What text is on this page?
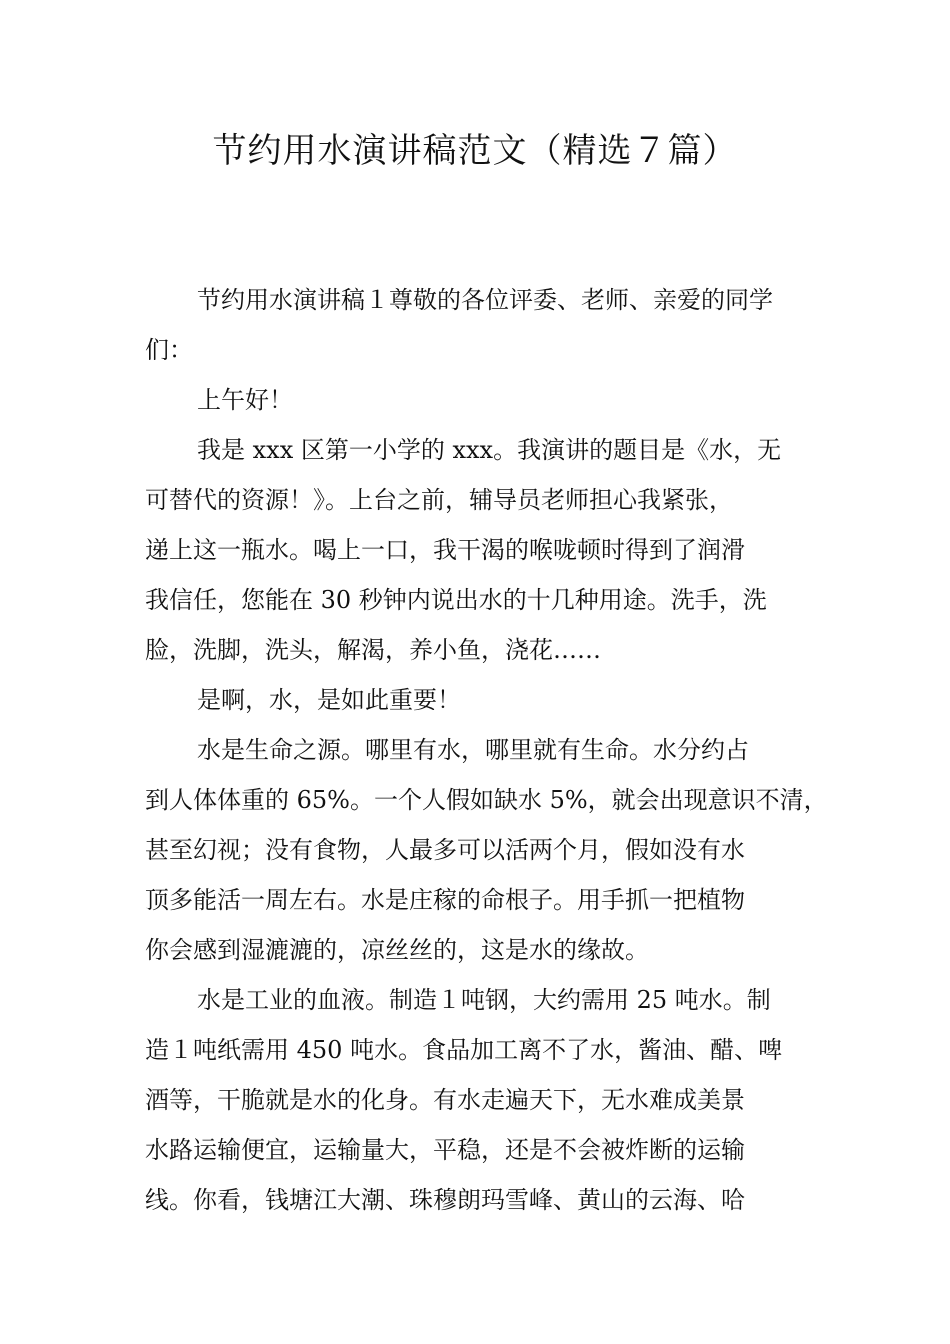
节约用水演讲稿范文（精选７篇）
节约用水演讲稿１尊敬的各位评委、老师、亲爱的同学
们：
上午好！
我是 xxx 区第一小学的 xxx。我演讲的题目是《水，无
可替代的资源！》。上台之前，辅导员老师担心我紧张，
递上这一瓶水。喝上一口，我干渴的喉咙顿时得到了润滑
我信任，您能在 30 秒钟内说出水的十几种用途。洗手，洗
脸，洗脚，洗头，解渴，养小鱼，浇花……
是啊，水，是如此重要！
水是生命之源。哪里有水，哪里就有生命。水分约占
到人体体重的 65%。一个人假如缺水 5%，就会出现意识不清，
甚至幻视；没有食物，人最多可以活两个月，假如没有水
顶多能活一周左右。水是庄稼的命根子。用手抓一把植物
你会感到湿漉漉的，凉丝丝的，这是水的缘故。
水是工业的血液。制造１吨钢，大约需用 25 吨水。制
造１吨纸需用 450 吨水。食品加工离不了水，酱油、醋、啤
酒等，干脆就是水的化身。有水走遍天下，无水难成美景
水路运输便宜，运输量大，平稳，还是不会被炸断的运输
线。你看，钱塘江大潮、珠穆朗玛雪峰、黄山的云海、哈
